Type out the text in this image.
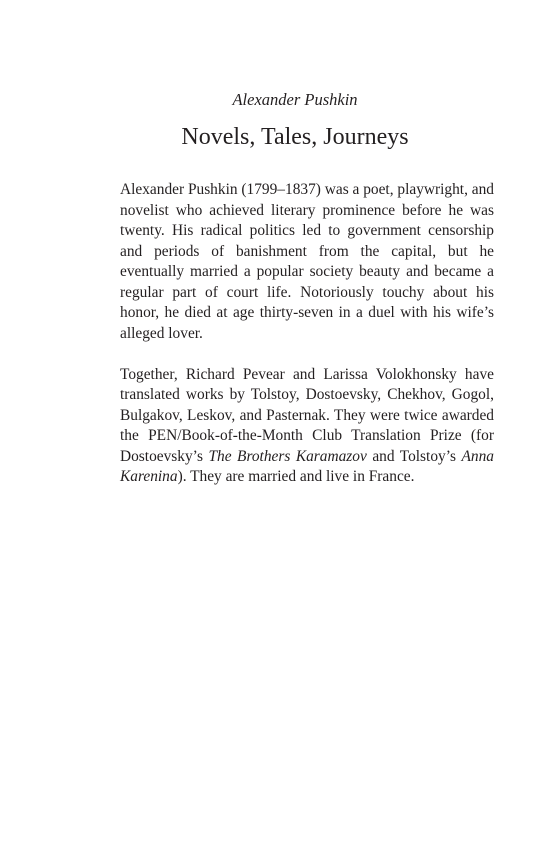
Alexander Pushkin

Novels, Tales, Journeys

Alexander Pushkin (1799–1837) was a poet, playwright, and novelist who achieved literary prominence before he was twenty. His radical politics led to government censorship and periods of banishment from the capital, but he eventually married a popular society beauty and became a regular part of court life. Notoriously touchy about his honor, he died at age thirty-seven in a duel with his wife’s alleged lover.

Together, Richard Pevear and Larissa Volokhonsky have translated works by Tolstoy, Dostoevsky, Chekhov, Gogol, Bulgakov, Leskov, and Pasternak. They were twice awarded the PEN/Book-of-the-Month Club Translation Prize (for Dostoevsky’s The Brothers Karamazov and Tolstoy’s Anna Karenina). They are married and live in France.
